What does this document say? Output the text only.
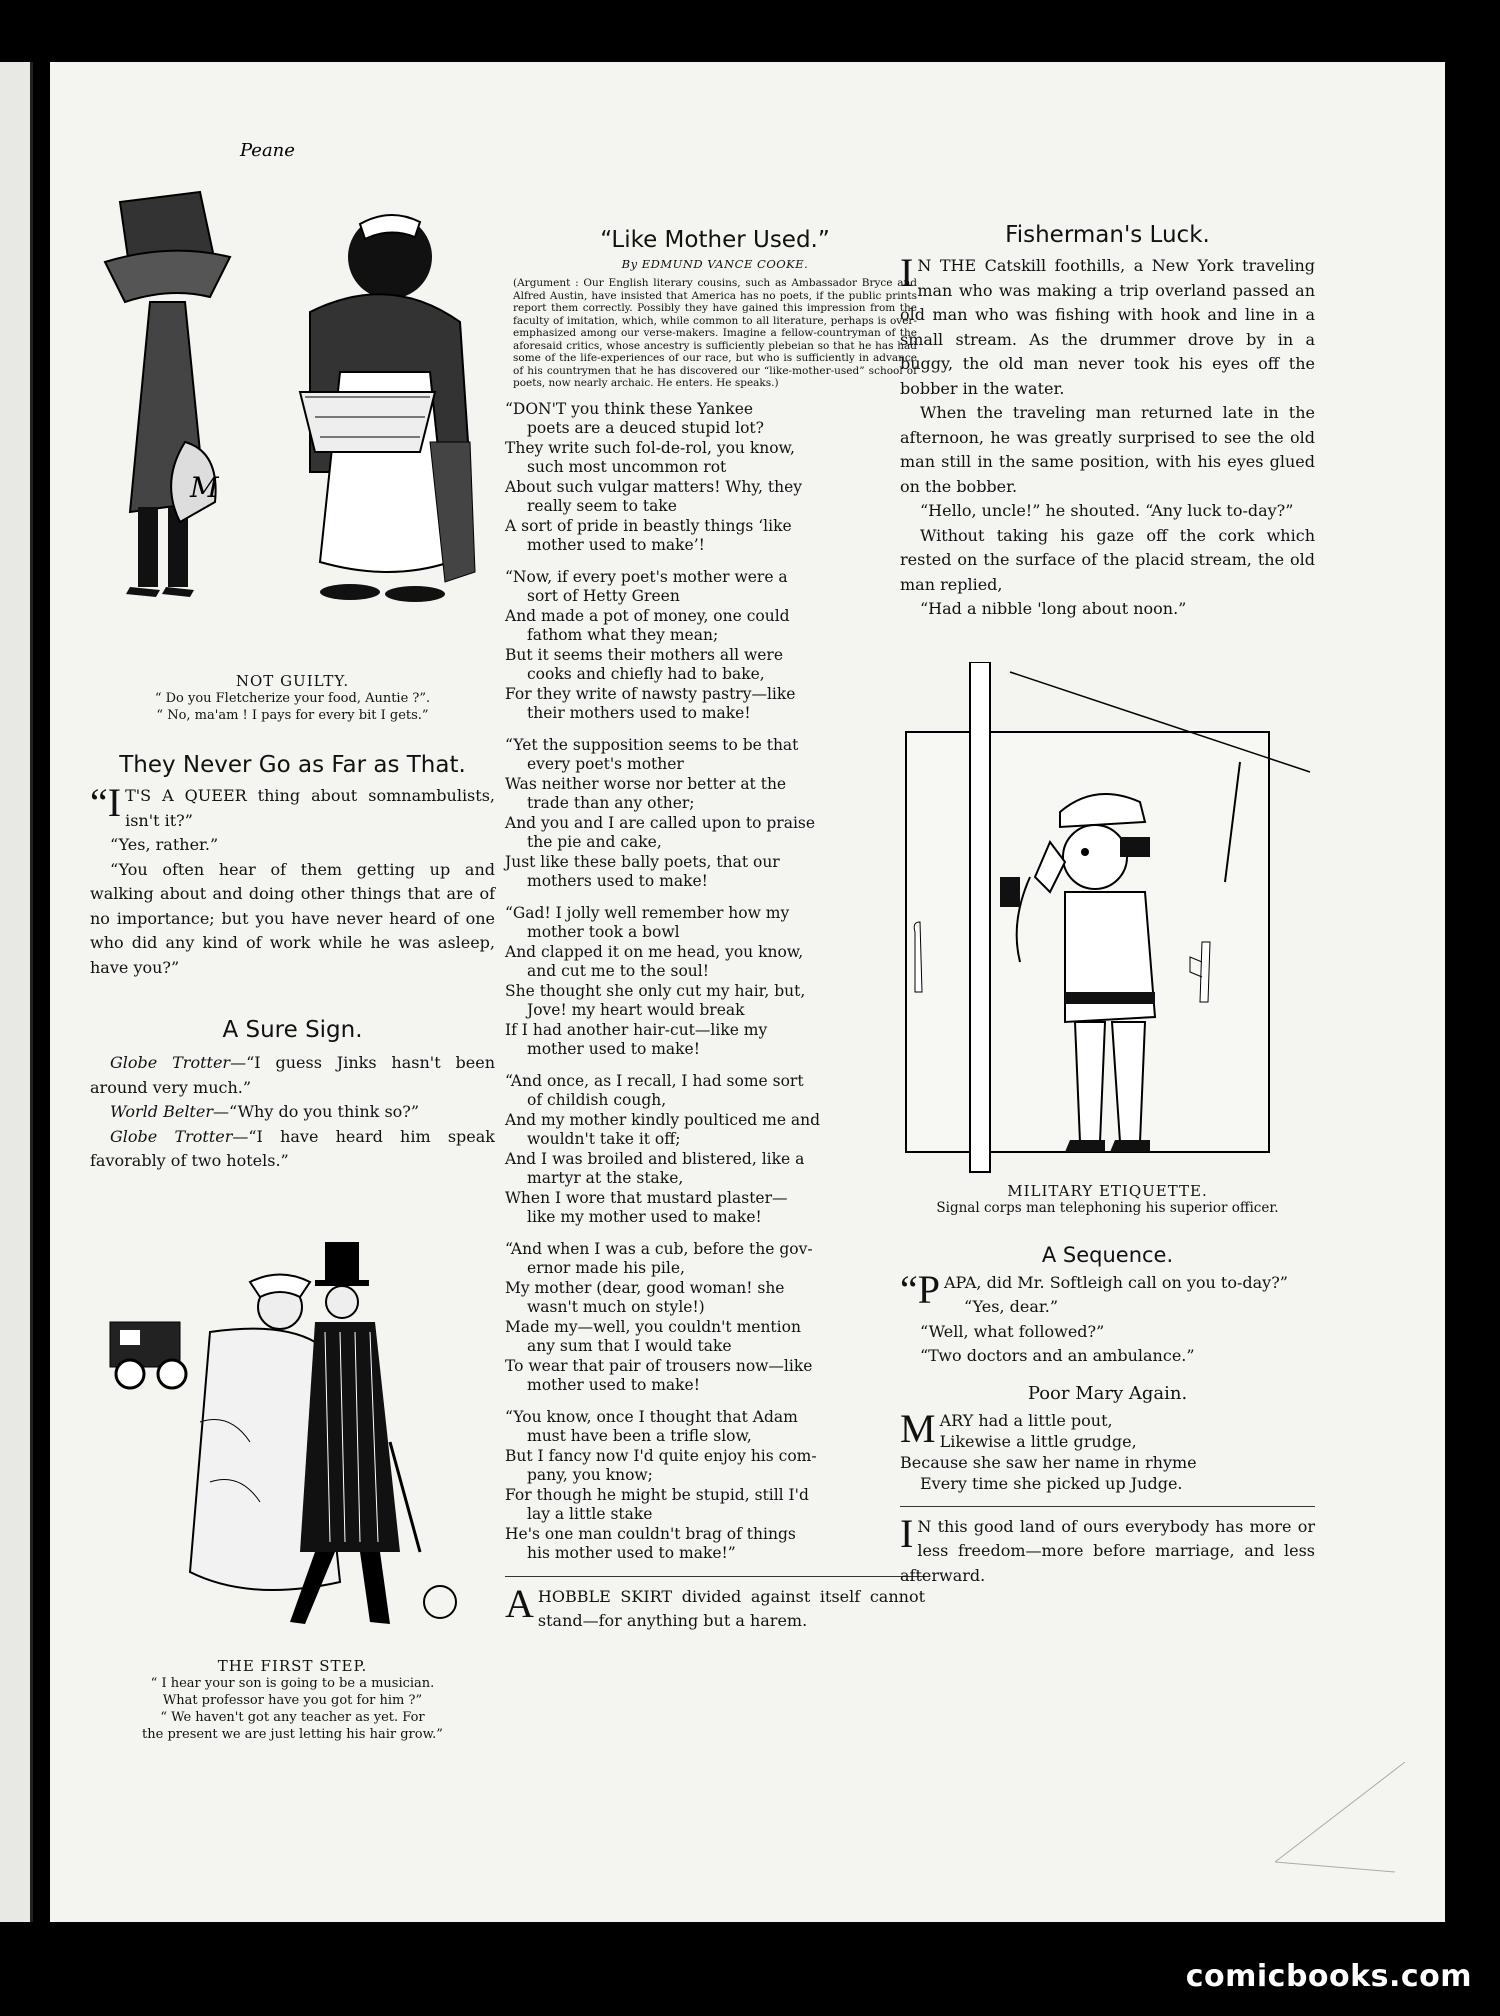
Peane
M

NOT GUILTY.

“ Do you Fletcherize your food, Auntie ?”.

“ No, ma'am ! I pays for every bit I gets.”

They Never Go as Far as That.

“I T'S A QUEER thing about somnambulists, isn't it?”

“Yes, rather.”

“You often hear of them getting up and walking about and doing other things that are of no importance; but you have never heard of one who did any kind of work while he was asleep, have you?”

A Sure Sign.

Globe Trotter—“I guess Jinks hasn't been around very much.”

World Belter—“Why do you think so?”

Globe Trotter—“I have heard him speak favorably of two hotels.”

THE FIRST STEP.

“ I hear your son is going to be a musician.

What professor have you got for him ?”

“ We haven't got any teacher as yet. For

the present we are just letting his hair grow.”

“Like Mother Used.”

By EDMUND VANCE COOKE.

(Argument : Our English literary cousins, such as Ambassador Bryce and Alfred Austin, have insisted that America has no poets, if the public prints report them correctly. Possibly they have gained this impression from the faculty of imitation, which, while common to all literature, perhaps is over-emphasized among our verse-makers. Imagine a fellow-countryman of the aforesaid critics, whose ancestry is sufficiently plebeian so that he has had some of the life-experiences of our race, but who is sufficiently in advance of his countrymen that he has discovered our “like-mother-used” school of poets, now nearly archaic. He enters. He speaks.)

“DON'T you think these Yankee
poets are a deuced stupid lot?
They write such fol-de-rol, you know,
such most uncommon rot
About such vulgar matters! Why, they
really seem to take
A sort of pride in beastly things ‘like
mother used to make’!
“Now, if every poet's mother were a
sort of Hetty Green
And made a pot of money, one could
fathom what they mean;
But it seems their mothers all were
cooks and chiefly had to bake,
For they write of nawsty pastry—like
their mothers used to make!
“Yet the supposition seems to be that
every poet's mother
Was neither worse nor better at the
trade than any other;
And you and I are called upon to praise
the pie and cake,
Just like these bally poets, that our
mothers used to make!
“Gad! I jolly well remember how my
mother took a bowl
And clapped it on me head, you know,
and cut me to the soul!
She thought she only cut my hair, but,
Jove! my heart would break
If I had another hair-cut—like my
mother used to make!
“And once, as I recall, I had some sort
of childish cough,
And my mother kindly poulticed me and
wouldn't take it off;
And I was broiled and blistered, like a
martyr at the stake,
When I wore that mustard plaster—
like my mother used to make!
“And when I was a cub, before the gov-
ernor made his pile,
My mother (dear, good woman! she
wasn't much on style!)
Made my—well, you couldn't mention
any sum that I would take
To wear that pair of trousers now—like
mother used to make!
“You know, once I thought that Adam
must have been a trifle slow,
But I fancy now I'd quite enjoy his com-
pany, you know;
For though he might be stupid, still I'd
lay a little stake
He's one man couldn't brag of things
his mother used to make!”
AHOBBLE SKIRT divided against itself cannot stand—for anything but a harem.
Fisherman's Luck.

I N THE Catskill foothills, a New York traveling man who was making a trip overland passed an old man who was fishing with hook and line in a small stream. As the drummer drove by in a buggy, the old man never took his eyes off the bobber in the water.

When the traveling man returned late in the afternoon, he was greatly surprised to see the old man still in the same position, with his eyes glued on the bobber.

“Hello, uncle!” he shouted. “Any luck to-day?”

Without taking his gaze off the cork which rested on the surface of the placid stream, the old man replied,

“Had a nibble 'long about noon.”

MILITARY ETIQUETTE.

Signal corps man telephoning his superior officer.

A Sequence.

“PAPA, did Mr. Softleigh call on you to-day?”

“Yes, dear.”

“Well, what followed?”

“Two doctors and an ambulance.”

Poor Mary Again.
M ARY had a little pout,
Likewise a little grudge,
Because she saw her name in rhyme
Every time she picked up Judge.
I N this good land of ours everybody has more or less freedom—more before marriage, and less afterward.
comicbooks.com
